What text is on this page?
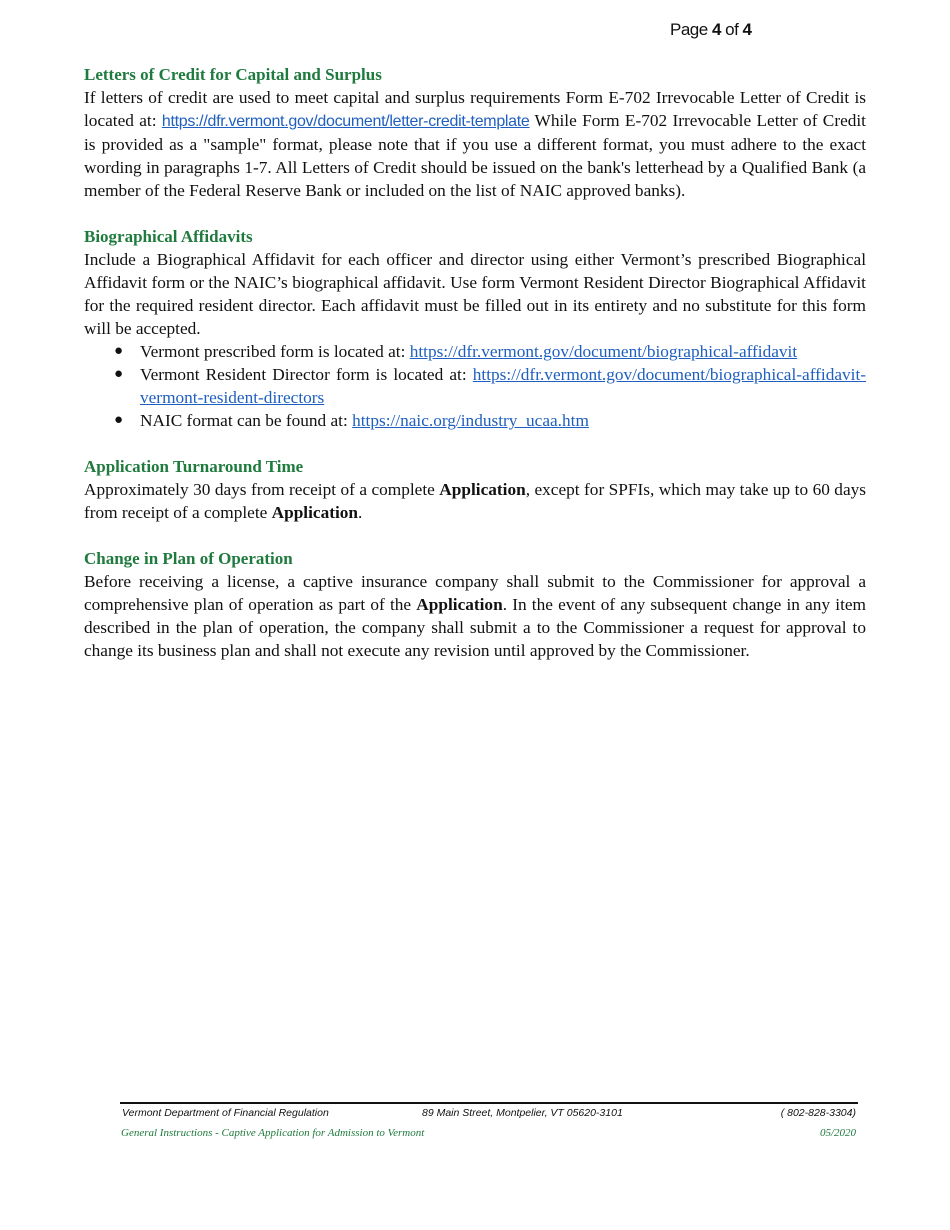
Page 4 of 4

Letters of Credit for Capital and Surplus

If letters of credit are used to meet capital and surplus requirements Form E-702 Irrevocable Letter of Credit is located at: https://dfr.vermont.gov/document/letter-credit-template While Form E-702 Irrevocable Letter of Credit is provided as a "sample" format, please note that if you use a different format, you must adhere to the exact wording in paragraphs 1-7. All Letters of Credit should be issued on the bank's letterhead by a Qualified Bank (a member of the Federal Reserve Bank or included on the list of NAIC approved banks).

Biographical Affidavits

Include a Biographical Affidavit for each officer and director using either Vermont’s prescribed Biographical Affidavit form or the NAIC’s biographical affidavit. Use form Vermont Resident Director Biographical Affidavit for the required resident director. Each affidavit must be filled out in its entirety and no substitute for this form will be accepted.

● Vermont prescribed form is located at: https://dfr.vermont.gov/document/biographical-affidavit
● Vermont Resident Director form is located at: https://dfr.vermont.gov/document/biographical-affidavit-vermont-resident-directors
● NAIC format can be found at: https://naic.org/industry_ucaa.htm

Application Turnaround Time

Approximately 30 days from receipt of a complete Application, except for SPFIs, which may take up to 60 days from receipt of a complete Application.

Change in Plan of Operation

Before receiving a license, a captive insurance company shall submit to the Commissioner for approval a comprehensive plan of operation as part of the Application. In the event of any subsequent change in any item described in the plan of operation, the company shall submit a to the Commissioner a request for approval to change its business plan and shall not execute any revision until approved by the Commissioner.

Vermont Department of Financial Regulation	89 Main Street, Montpelier, VT 05620-3101	( 802-828-3304)
General Instructions - Captive Application for Admission to Vermont	05/2020
